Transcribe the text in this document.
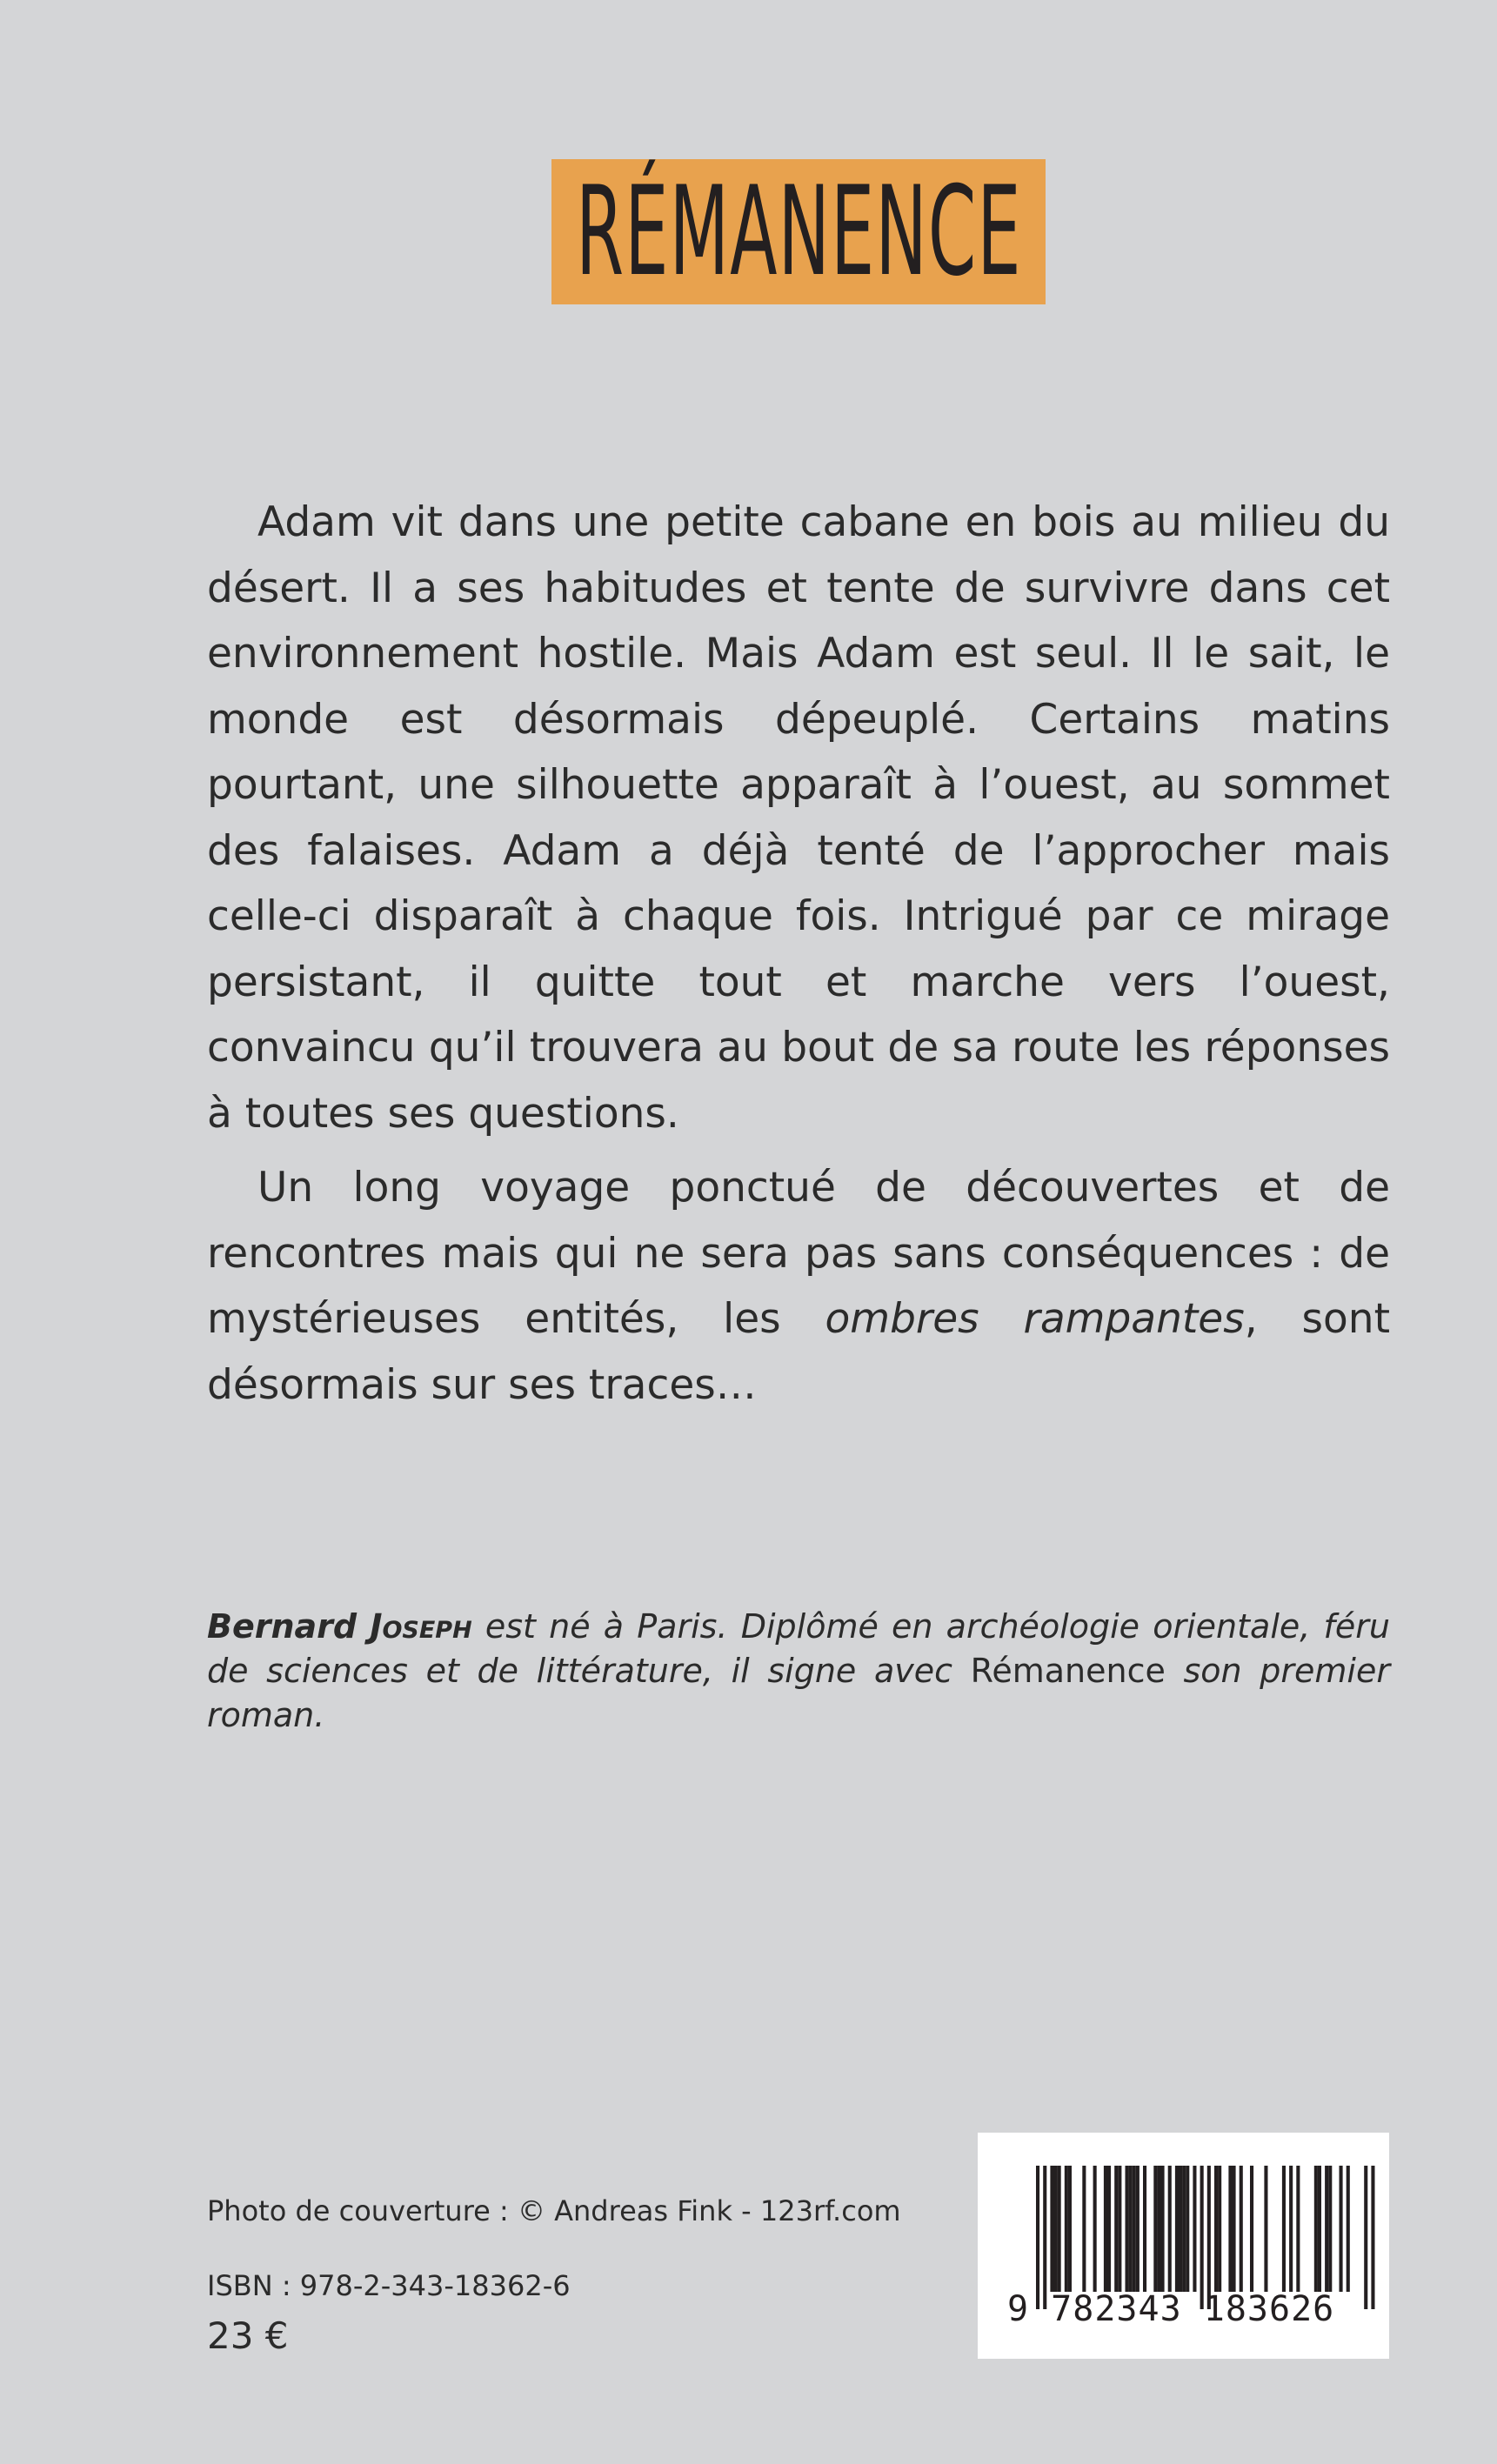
RÉMANENCE

Adam vit dans une petite cabane en bois au milieu du désert. Il a ses habitudes et tente de survivre dans cet environnement hostile. Mais Adam est seul. Il le sait, le monde est désormais dépeuplé. Certains matins pourtant, une silhouette apparaît à l’ouest, au sommet des falaises. Adam a déjà tenté de l’approcher mais celle-ci disparaît à chaque fois. Intrigué par ce mirage persistant, il quitte tout et marche vers l’ouest, convaincu qu’il trouvera au bout de sa route les réponses à toutes ses questions.

Un long voyage ponctué de découvertes et de rencontres mais qui ne sera pas sans conséquences : de mystérieuses entités, les ombres rampantes, sont désormais sur ses traces…

Bernard Joseph est né à Paris. Diplômé en archéologie orientale, féru de sciences et de littérature, il signe avec Rémanence son premier roman.
Photo de couverture : © Andreas Fink - 123rf.com
ISBN : 978-2-343-18362-6
23 €
9 782343 183626
